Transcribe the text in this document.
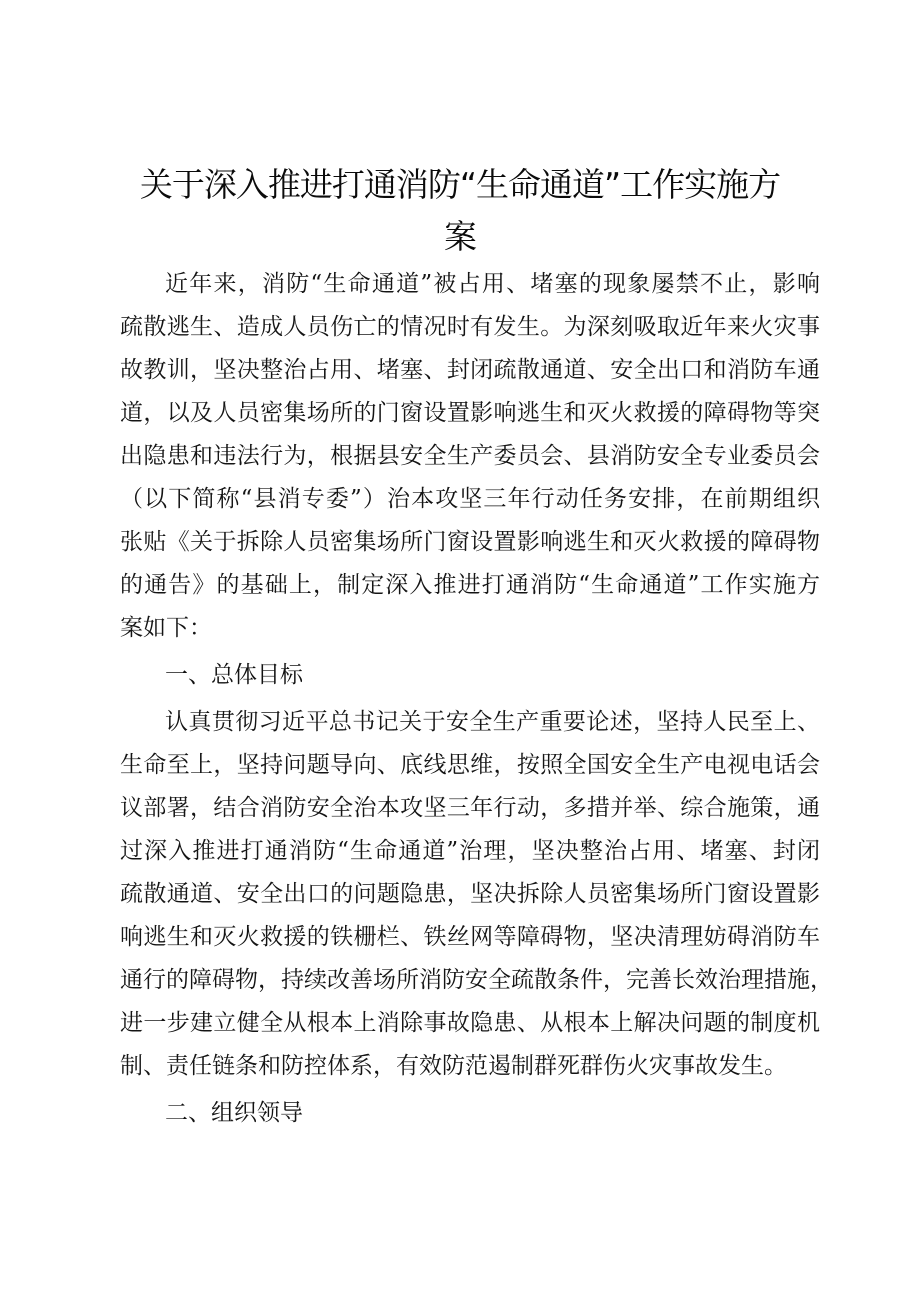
关于深入推进打通消防“生命通道”工作实施方
案
近年来，消防“生命通道”被占用、堵塞的现象屡禁不止，影响
疏散逃生、造成人员伤亡的情况时有发生。为深刻吸取近年来火灾事
故教训，坚决整治占用、堵塞、封闭疏散通道、安全出口和消防车通
道，以及人员密集场所的门窗设置影响逃生和灭火救援的障碍物等突
出隐患和违法行为，根据县安全生产委员会、县消防安全专业委员会
（以下简称“县消专委”）治本攻坚三年行动任务安排，在前期组织
张贴《关于拆除人员密集场所门窗设置影响逃生和灭火救援的障碍物
的通告》的基础上，制定深入推进打通消防“生命通道”工作实施方
案如下：
一、总体目标
认真贯彻习近平总书记关于安全生产重要论述，坚持人民至上、
生命至上，坚持问题导向、底线思维，按照全国安全生产电视电话会
议部署，结合消防安全治本攻坚三年行动，多措并举、综合施策，通
过深入推进打通消防“生命通道”治理，坚决整治占用、堵塞、封闭
疏散通道、安全出口的问题隐患，坚决拆除人员密集场所门窗设置影
响逃生和灭火救援的铁栅栏、铁丝网等障碍物，坚决清理妨碍消防车
通行的障碍物，持续改善场所消防安全疏散条件，完善长效治理措施，
进一步建立健全从根本上消除事故隐患、从根本上解决问题的制度机
制、责任链条和防控体系，有效防范遏制群死群伤火灾事故发生。
二、组织领导
